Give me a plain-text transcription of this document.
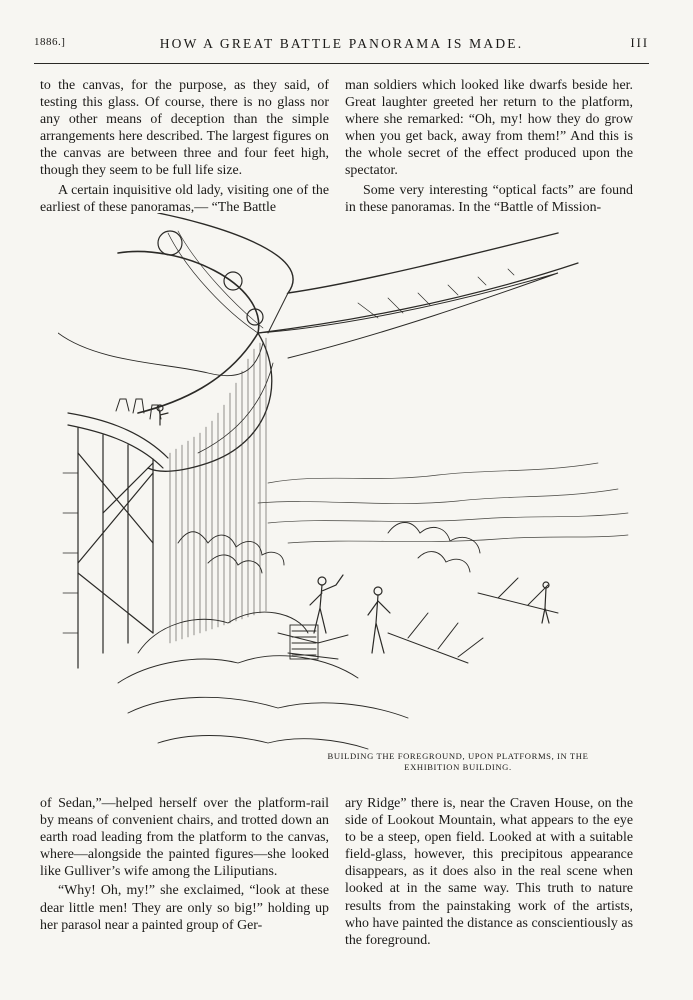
1886.]	HOW A GREAT BATTLE PANORAMA IS MADE.	III

to the canvas, for the purpose, as they said, of testing this glass. Of course, there is no glass nor any other means of deception than the simple arrangements here described. The largest figures on the canvas are between three and four feet high, though they seem to be full life size.

A certain inquisitive old lady, visiting one of the earliest of these panoramas,— “The Battle

man soldiers which looked like dwarfs beside her. Great laughter greeted her return to the platform, where she remarked: “Oh, my! how they do grow when you get back, away from them!” And this is the whole secret of the effect produced upon the spectator.

Some very interesting “optical facts” are found in these panoramas. In the “Battle of Mission-

BUILDING THE FOREGROUND, UPON PLATFORMS, IN THE
EXHIBITION BUILDING.

of Sedan,”—helped herself over the platform-rail by means of convenient chairs, and trotted down an earth road leading from the platform to the canvas, where—alongside the painted figures—she looked like Gulliver’s wife among the Liliputians.

“Why! Oh, my!” she exclaimed, “look at these dear little men! They are only so big!” holding up her parasol near a painted group of Ger-

ary Ridge” there is, near the Craven House, on the side of Lookout Mountain, what appears to the eye to be a steep, open field. Looked at with a suitable field-glass, however, this precipitous appearance disappears, as it does also in the real scene when looked at in the same way. This truth to nature results from the painstaking work of the artists, who have painted the distance as conscientiously as the foreground.
